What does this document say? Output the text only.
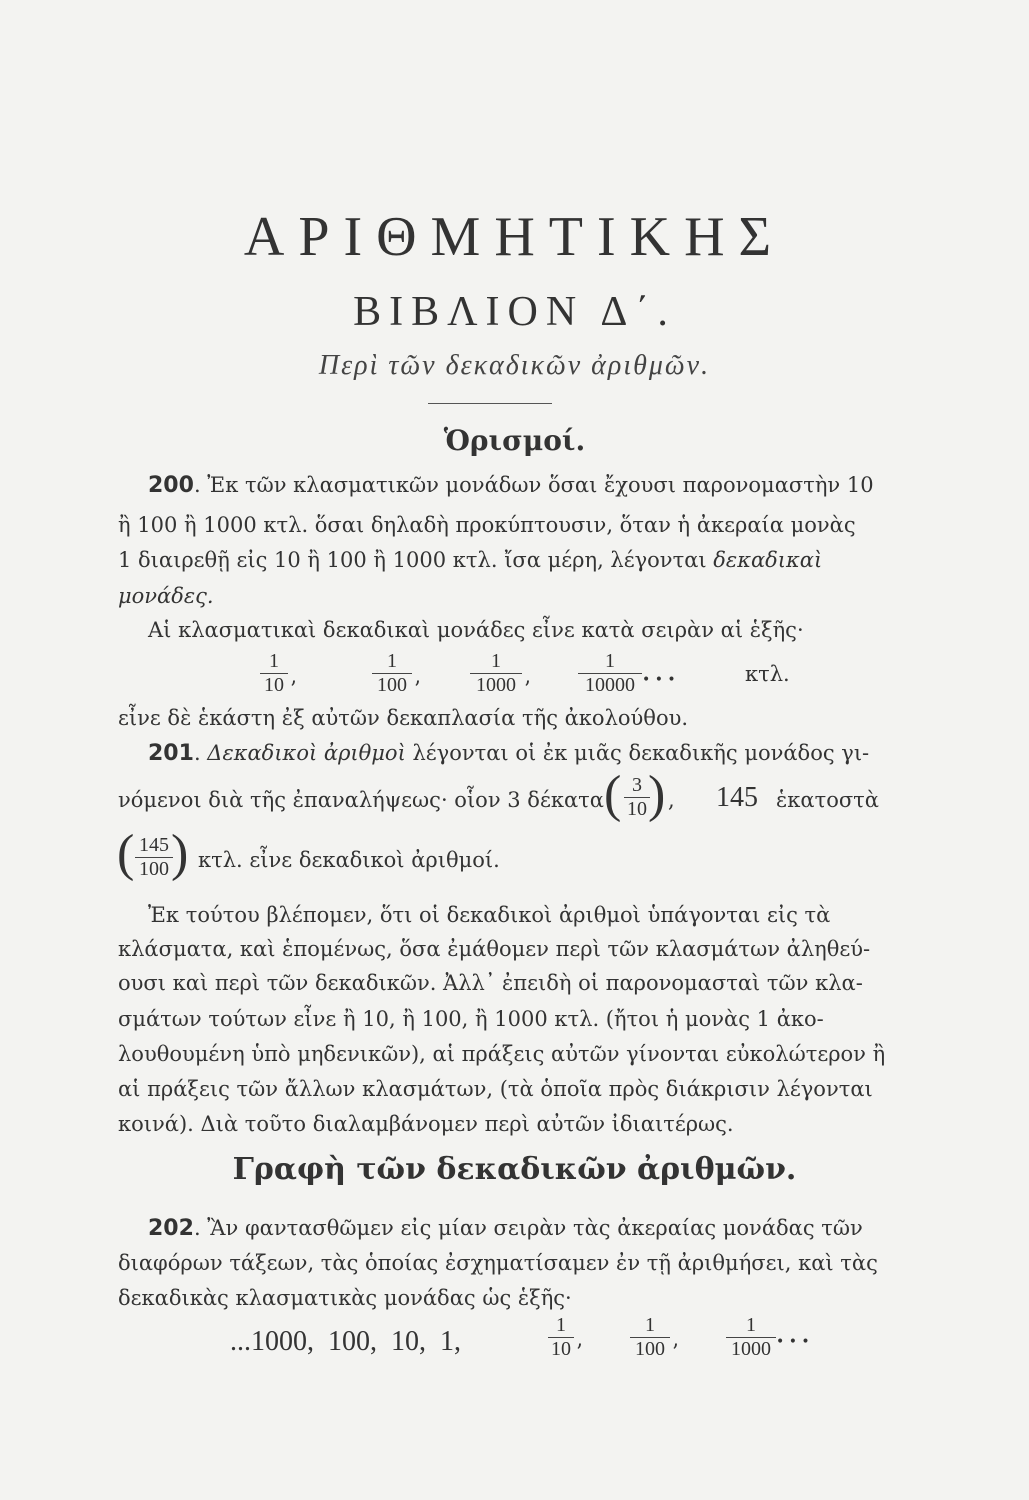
ΑΡΙΘΜΗΤΙΚΗΣ
ΒΙΒΛΙΟΝ Δ΄.
Περὶ τῶν δεκαδικῶν ἀριθμῶν.
Ὁρισμοί.
200. Ἐκ τῶν κλασματικῶν μονάδων ὅσαι ἔχουσι παρονομαστὴν 10
ἢ 100 ἢ 1000 κτλ. ὅσαι δηλαδὴ προκύπτουσιν, ὅταν ἡ ἀκεραία μονὰς
1 διαιρεθῇ εἰς 10 ἢ 100 ἢ 1000 κτλ. ἴσα μέρη, λέγονται δεκαδικαὶ
μονάδες.
Αἱ κλασματικαὶ δεκαδικαὶ μονάδες εἶνε κατὰ σειρὰν αἱ ἑξῆς·
1
10 ’
1
100 ’
1
1000 ’
1
10000 • • •	κτλ.
εἶνε δὲ ἑκάστη ἐξ αὐτῶν δεκαπλασία τῆς ἀκολούθου.
201. Δεκαδικοὶ ἀριθμοὶ λέγονται οἱ ἐκ μιᾶς δεκαδικῆς μονάδος γι-
νόμενοι διὰ τῆς ἐπαναλήψεως· οἷον 3 δέκατα ( 3
10 ) , 145 ἑκατοστὰ
( 145
100 ) κτλ. εἶνε δεκαδικοὶ ἀριθμοί.
Ἐκ τούτου βλέπομεν, ὅτι οἱ δεκαδικοὶ ἀριθμοὶ ὑπάγονται εἰς τὰ
κλάσματα, καὶ ἑπομένως, ὅσα ἐμάθομεν περὶ τῶν κλασμάτων ἀληθεύ-
ουσι καὶ περὶ τῶν δεκαδικῶν. Ἀλλ᾽ ἐπειδὴ οἱ παρονομασταὶ τῶν κλα-
σμάτων τούτων εἶνε ἢ 10, ἢ 100, ἢ 1000 κτλ. (ἤτοι ἡ μονὰς 1 ἀκο-
λουθουμένη ὑπὸ μηδενικῶν), αἱ πράξεις αὐτῶν γίνονται εὐκολώτερον ἢ
αἱ πράξεις τῶν ἄλλων κλασμάτων, (τὰ ὁποῖα πρὸς διάκρισιν λέγονται
κοινά). Διὰ τοῦτο διαλαμβάνομεν περὶ αὐτῶν ἰδιαιτέρως.
Γραφὴ τῶν δεκαδικῶν ἀριθμῶν.
202. Ἂν φαντασθῶμεν εἰς μίαν σειρὰν τὰς ἀκεραίας μονάδας τῶν
διαφόρων τάξεων, τὰς ὁποίας ἐσχηματίσαμεν ἐν τῇ ἀριθμήσει, καὶ τὰς
δεκαδικὰς κλασματικὰς μονάδας ὡς ἑξῆς·
...1000,  100,  10,  1,
1
10 ’
1
100 ’
1
1000 • • •
